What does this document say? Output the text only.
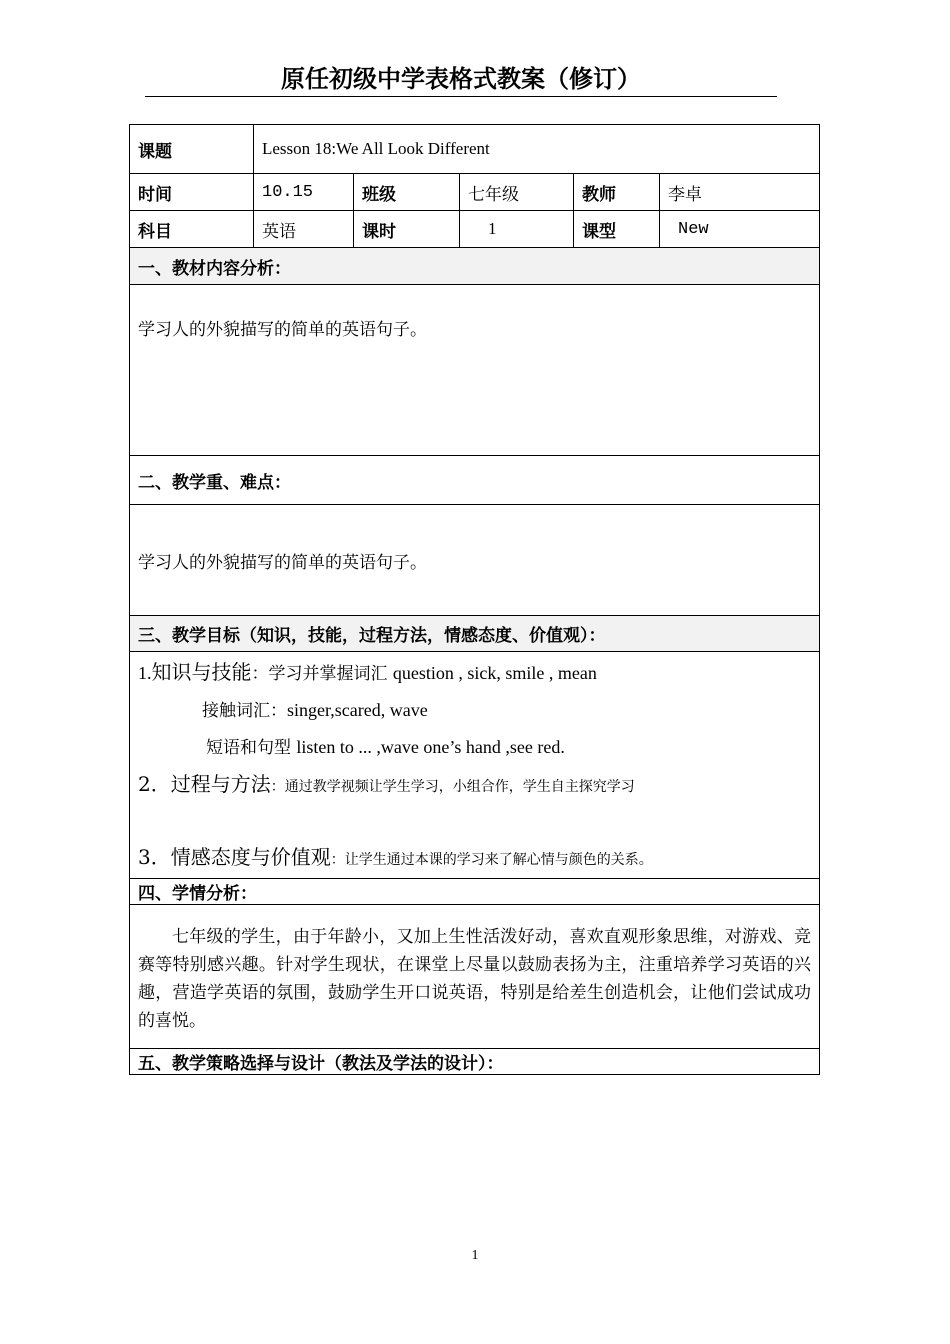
原任初级中学表格式教案（修订）
课题	Lesson 18:We All Look Different				
时间	10.15	班级	七年级	教师	李卓
科目	英语	课时	1	课型	New
一、教材内容分析：					
学习人的外貌描写的简单的英语句子。					
二、教学重、难点：					
学习人的外貌描写的简单的英语句子。					
三、教学目标（知识，技能，过程方法，情感态度、价值观）：					

1.知识与技能：学习并掌握词汇 question , sick, smile , mean
接触词汇：singer,scared, wave
短语和句型 listen to ... ,wave one’s hand ,see red.
2．过程与方法：通过教学视频让学生学习，小组合作，学生自主探究学习
3．情感态度与价值观：让学生通过本课的学习来了解心情与颜色的关系。					

四、学情分析：					

七年级的学生，由于年龄小，又加上生性活泼好动，喜欢直观形象思维，对游戏、竞赛等特别感兴趣。针对学生现状，在课堂上尽量以鼓励表扬为主，注重培养学习英语的兴趣，营造学英语的氛围，鼓励学生开口说英语，特别是给差生创造机会，让他们尝试成功的喜悦。					

五、教学策略选择与设计（教法及学法的设计）：					
1
